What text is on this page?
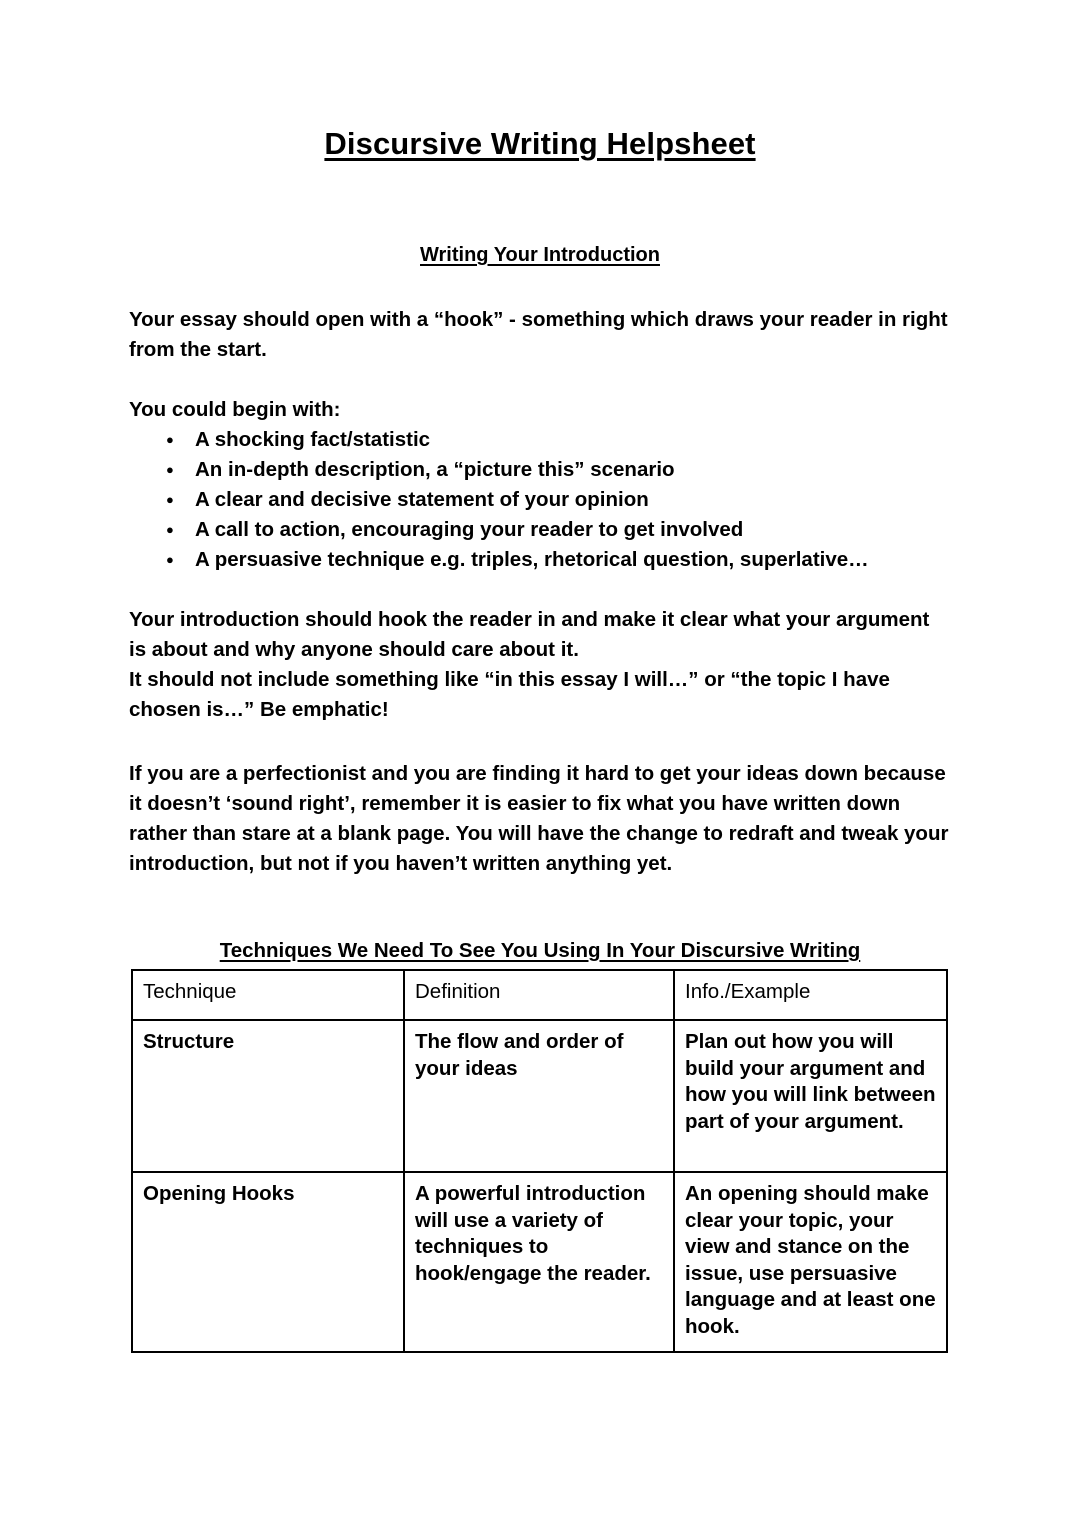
Discursive Writing Helpsheet
Writing Your Introduction

Your essay should open with a “hook” - something which draws your reader in right from the start.

You could begin with:

● A shocking fact/statistic
● An in-depth description, a “picture this” scenario
● A clear and decisive statement of your opinion
● A call to action, encouraging your reader to get involved
● A persuasive technique e.g. triples, rhetorical question, superlative…

Your introduction should hook the reader in and make it clear what your argument is about and why anyone should care about it.

It should not include something like “in this essay I will…” or “the topic I have chosen is…” Be emphatic!

If you are a perfectionist and you are finding it hard to get your ideas down because it doesn’t ‘sound right’, remember it is easier to fix what you have written down rather than stare at a blank page. You will have the change to redraft and tweak your introduction, but not if you haven’t written anything yet.

Techniques We Need To See You Using In Your Discursive Writing
Technique	Definition	Info./Example
Structure	The flow and order of your ideas	Plan out how you will build your argument and how you will link between part of your argument.
Opening Hooks	A powerful introduction will use a variety of techniques to hook/engage the reader.	An opening should make clear your topic, your view and stance on the issue, use persuasive language and at least one hook.
